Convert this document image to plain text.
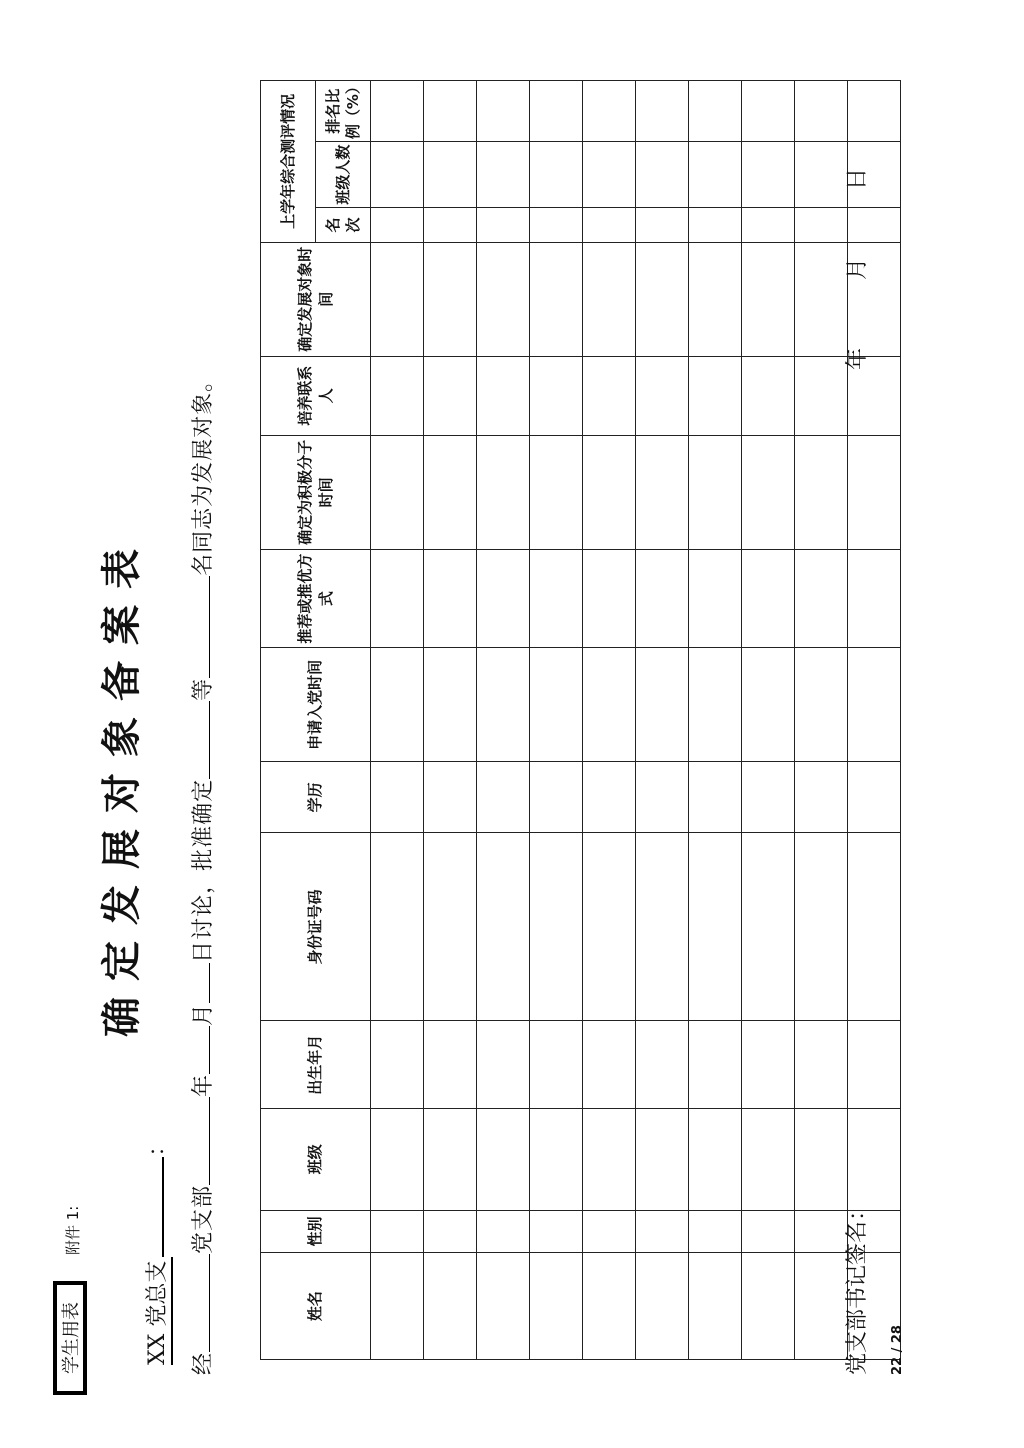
学生用表
附件 1:
确定发展对象备案表
XX 党总支：
经党支部年月日讨论，批准确定等名同志为发展对象。
姓名	性别	班级	出生年月	身份证号码	学历	申请入党时间	推荐或推优方式	确定为积极分子时间	培养联系人	确定发展对象时间	上学年综合测评情况		
											名次	班级人数	排名比例（%）

党支部书记签名：
年月日
22 / 28
